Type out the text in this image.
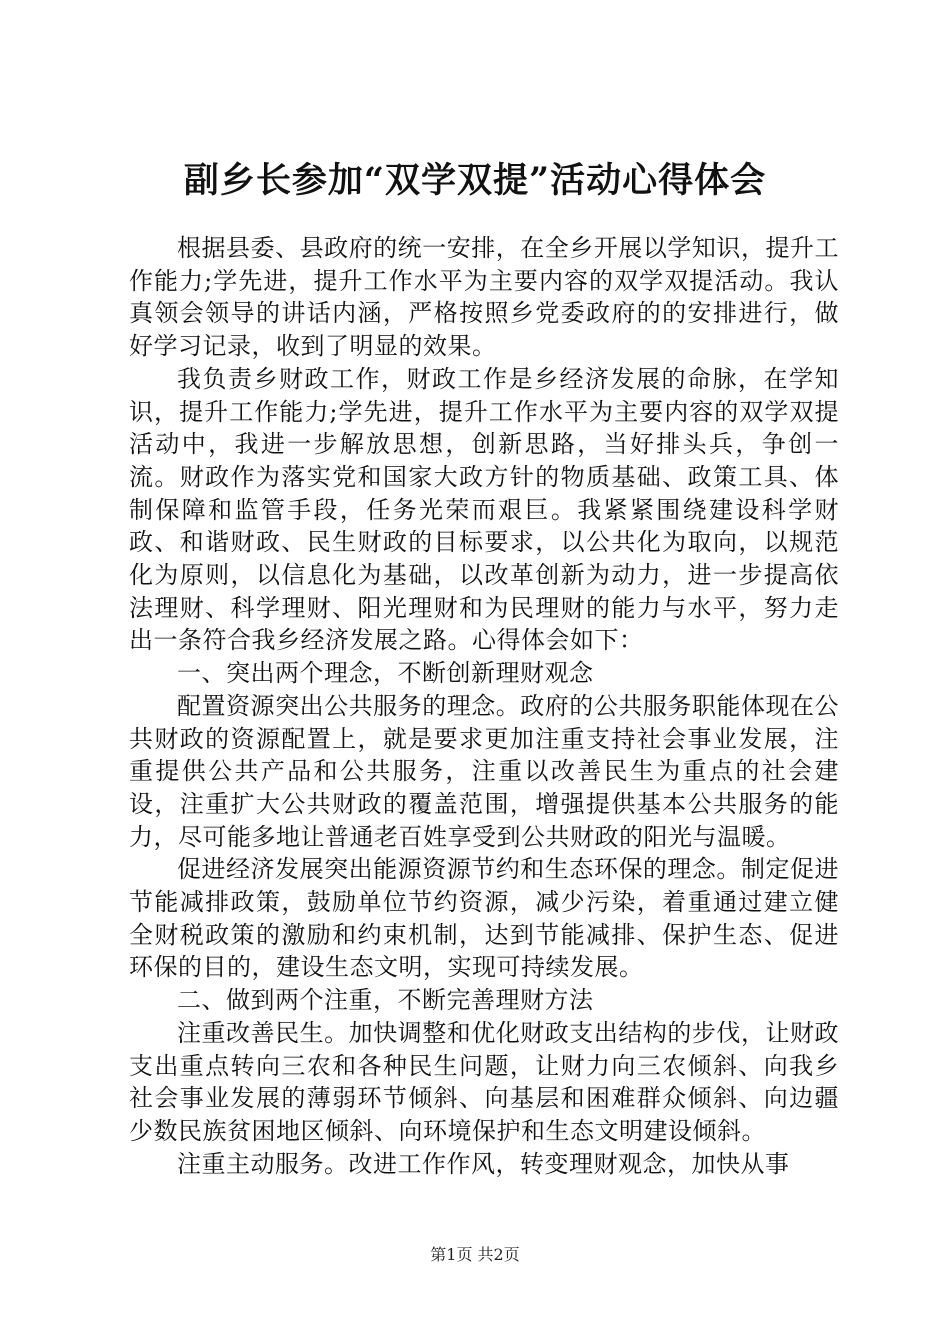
副乡长参加“双学双提”活动心得体会

根据县委、县政府的统一安排，在全乡开展以学知识，提升工作能力;学先进，提升工作水平为主要内容的双学双提活动。我认真领会领导的讲话内涵，严格按照乡党委政府的的安排进行，做好学习记录，收到了明显的效果。

我负责乡财政工作，财政工作是乡经济发展的命脉，在学知识，提升工作能力;学先进，提升工作水平为主要内容的双学双提活动中，我进一步解放思想，创新思路，当好排头兵，争创一流。财政作为落实党和国家大政方针的物质基础、政策工具、体制保障和监管手段，任务光荣而艰巨。我紧紧围绕建设科学财政、和谐财政、民生财政的目标要求，以公共化为取向，以规范化为原则，以信息化为基础，以改革创新为动力，进一步提高依法理财、科学理财、阳光理财和为民理财的能力与水平，努力走出一条符合我乡经济发展之路。心得体会如下：

一、突出两个理念，不断创新理财观念

配置资源突出公共服务的理念。政府的公共服务职能体现在公共财政的资源配置上，就是要求更加注重支持社会事业发展，注重提供公共产品和公共服务，注重以改善民生为重点的社会建设，注重扩大公共财政的覆盖范围，增强提供基本公共服务的能力，尽可能多地让普通老百姓享受到公共财政的阳光与温暖。

促进经济发展突出能源资源节约和生态环保的理念。制定促进节能减排政策，鼓励单位节约资源，减少污染，着重通过建立健全财税政策的激励和约束机制，达到节能减排、保护生态、促进环保的目的，建设生态文明，实现可持续发展。

二、做到两个注重，不断完善理财方法

注重改善民生。加快调整和优化财政支出结构的步伐，让财政支出重点转向三农和各种民生问题，让财力向三农倾斜、向我乡社会事业发展的薄弱环节倾斜、向基层和困难群众倾斜、向边疆少数民族贫困地区倾斜、向环境保护和生态文明建设倾斜。

注重主动服务。改进工作作风，转变理财观念，加快从事

第1页 共2页
